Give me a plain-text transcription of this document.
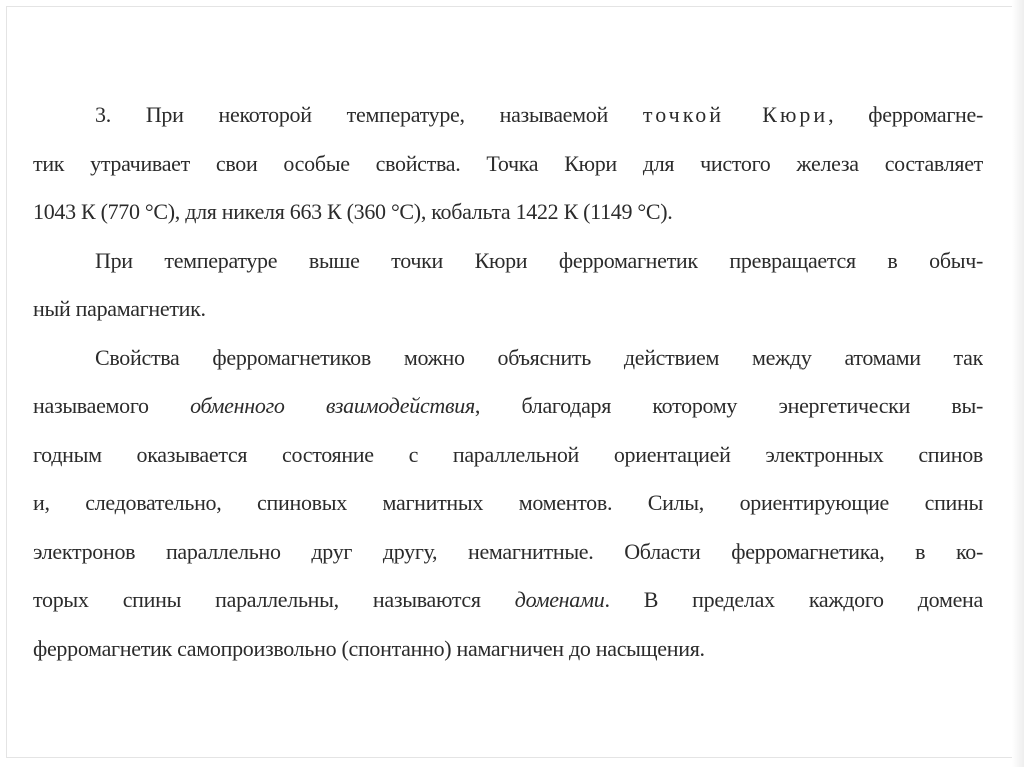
3. При некоторой температуре, называемой точкой Кюри, ферромагне-
тик утрачивает свои особые свойства. Точка Кюри для чистого железа составляет
1043 К (770 °С), для никеля 663 К (360 °С), кобальта 1422 К (1149 °С).
При температуре выше точки Кюри ферромагнетик превращается в обыч-
ный парамагнетик.
Свойства ферромагнетиков можно объяснить действием между атомами так
называемого обменного взаимодействия, благодаря которому энергетически вы-
годным оказывается состояние с параллельной ориентацией электронных спинов
и, следовательно, спиновых магнитных моментов. Силы, ориентирующие спины
электронов параллельно друг другу, немагнитные. Области ферромагнетика, в ко-
торых спины параллельны, называются доменами. В пределах каждого домена
ферромагнетик самопроизвольно (спонтанно) намагничен до насыщения.
